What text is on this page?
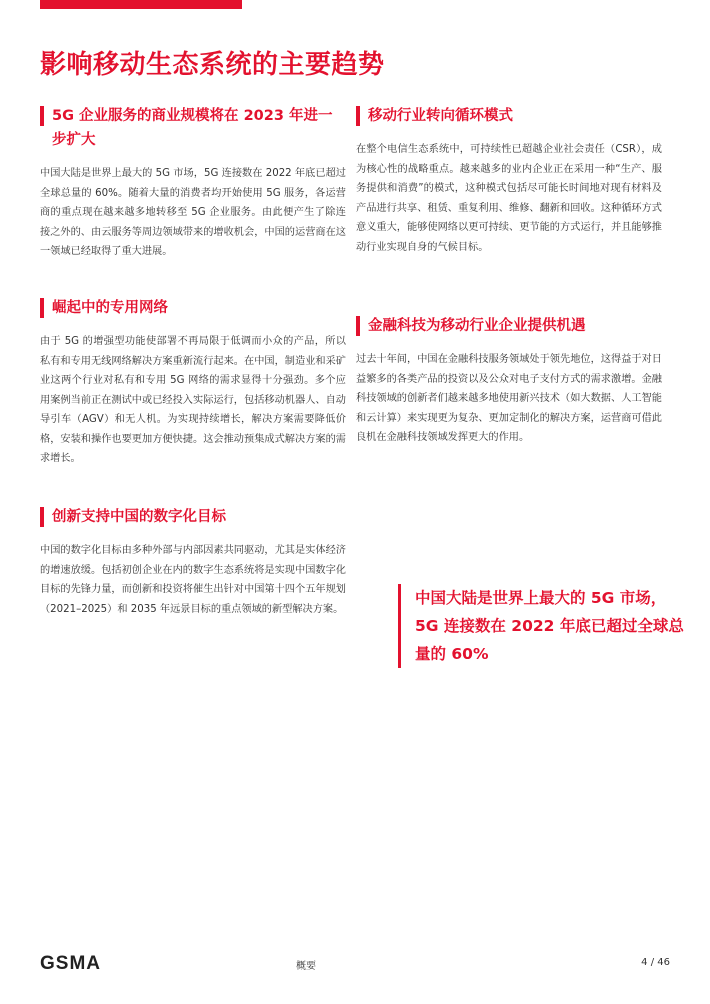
影响移动生态系统的主要趋势
5G 企业服务的商业规模将在 2023 年进一步扩大

中国大陆是世界上最大的 5G 市场，5G 连接数在 2022 年底已超过全球总量的 60%。随着大量的消费者均开始使用 5G 服务，各运营商的重点现在越来越多地转移至 5G 企业服务。由此便产生了除连接之外的、由云服务等周边领域带来的增收机会，中国的运营商在这一领域已经取得了重大进展。

崛起中的专用网络

由于 5G 的增强型功能使部署不再局限于低调而小众的产品，所以私有和专用无线网络解决方案重新流行起来。在中国，制造业和采矿业这两个行业对私有和专用 5G 网络的需求显得十分强劲。多个应用案例当前正在测试中或已经投入实际运行，包括移动机器人、自动导引车（AGV）和无人机。为实现持续增长，解决方案需要降低价格，安装和操作也要更加方便快捷。这会推动预集成式解决方案的需求增长。

创新支持中国的数字化目标

中国的数字化目标由多种外部与内部因素共同驱动，尤其是实体经济的增速放缓。包括初创企业在内的数字生态系统将是实现中国数字化目标的先锋力量，而创新和投资将催生出针对中国第十四个五年规划（2021–2025）和 2035 年远景目标的重点领域的新型解决方案。

移动行业转向循环模式

在整个电信生态系统中，可持续性已超越企业社会责任（CSR），成为核心性的战略重点。越来越多的业内企业正在采用一种“生产、服务提供和消费”的模式，这种模式包括尽可能长时间地对现有材料及产品进行共享、租赁、重复利用、维修、翻新和回收。这种循环方式意义重大，能够使网络以更可持续、更节能的方式运行，并且能够推动行业实现自身的气候目标。

金融科技为移动行业企业提供机遇

过去十年间，中国在金融科技服务领域处于领先地位，这得益于对日益繁多的各类产品的投资以及公众对电子支付方式的需求激增。金融科技领域的创新者们越来越多地使用新兴技术（如大数据、人工智能和云计算）来实现更为复杂、更加定制化的解决方案，运营商可借此良机在金融科技领域发挥更大的作用。

中国大陆是世界上最大的 5G 市场，5G 连接数在 2022 年底已超过全球总量的 60%
GSMA	概要	4 / 46
